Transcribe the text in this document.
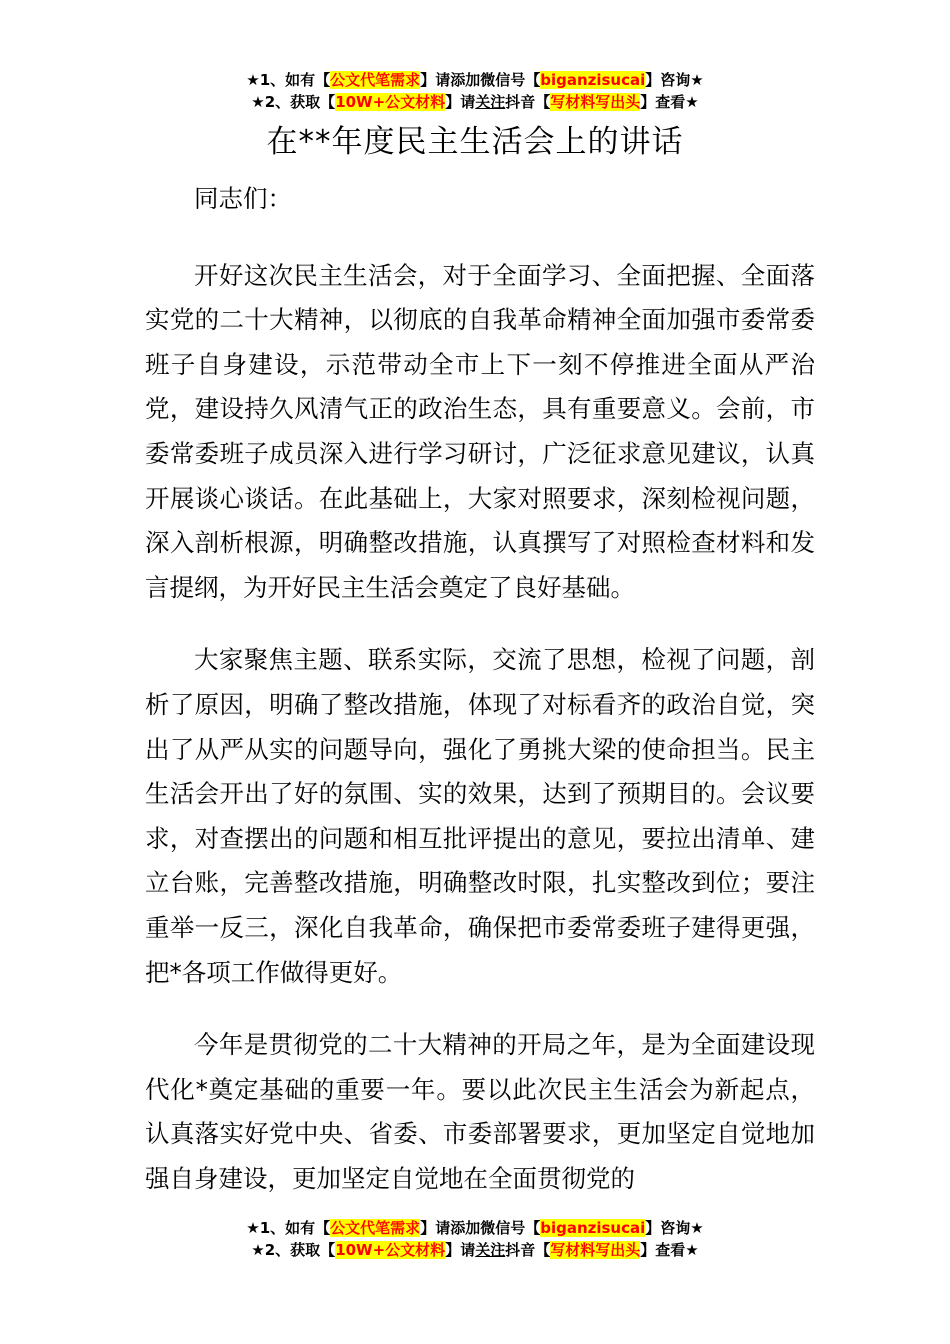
★1、如有【公文代笔需求】请添加微信号【biganzisucai】咨询★
★2、获取【10W+公文材料】请关注抖音【写材料写出头】查看★
在**年度民主生活会上的讲话

同志们：

开好这次民主生活会，对于全面学习、全面把握、全面落实党的二十大精神，以彻底的自我革命精神全面加强市委常委班子自身建设，示范带动全市上下一刻不停推进全面从严治党，建设持久风清气正的政治生态，具有重要意义。会前，市委常委班子成员深入进行学习研讨，广泛征求意见建议，认真开展谈心谈话。在此基础上，大家对照要求，深刻检视问题，深入剖析根源，明确整改措施，认真撰写了对照检查材料和发言提纲，为开好民主生活会奠定了良好基础。

大家聚焦主题、联系实际，交流了思想，检视了问题，剖析了原因，明确了整改措施，体现了对标看齐的政治自觉，突出了从严从实的问题导向，强化了勇挑大梁的使命担当。民主生活会开出了好的氛围、实的效果，达到了预期目的。会议要求，对查摆出的问题和相互批评提出的意见，要拉出清单、建立台账，完善整改措施，明确整改时限，扎实整改到位；要注重举一反三，深化自我革命，确保把市委常委班子建得更强，把*各项工作做得更好。

今年是贯彻党的二十大精神的开局之年，是为全面建设现代化*奠定基础的重要一年。要以此次民主生活会为新起点，认真落实好党中央、省委、市委部署要求，更加坚定自觉地加强自身建设，更加坚定自觉地在全面贯彻党的

★1、如有【公文代笔需求】请添加微信号【biganzisucai】咨询★
★2、获取【10W+公文材料】请关注抖音【写材料写出头】查看★
